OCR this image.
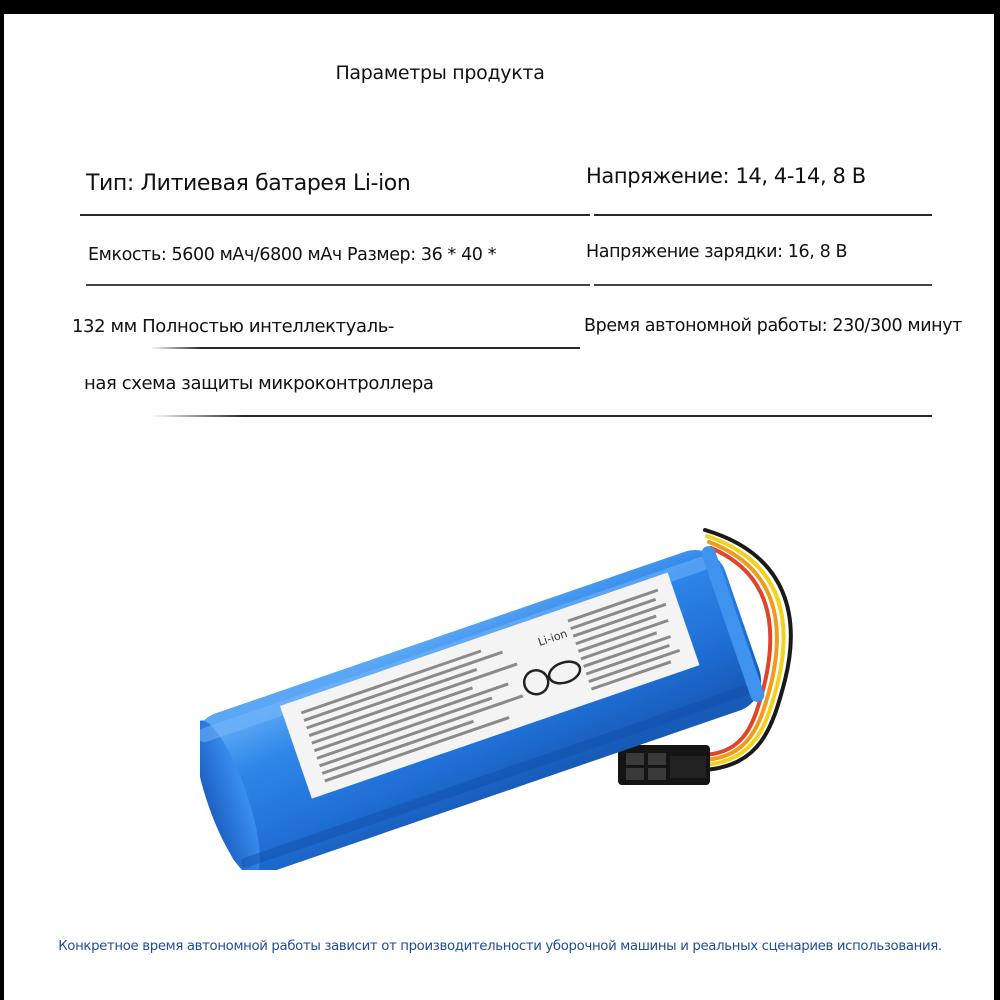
Параметры продукта
Тип: Литиевая батарея Li-ion	Напряжение: 14, 4-14, 8 В
Емкость: 5600 мАч/6800 мАч Размер: 36 * 40 *	Напряжение зарядки: 16, 8 В
132 мм Полностью интеллектуаль-	Время автономной работы: 230/300 минут
ная схема защиты микроконтроллера
Li-ion
Конкретное время автономной работы зависит от производительности уборочной машины и реальных сценариев использования.
